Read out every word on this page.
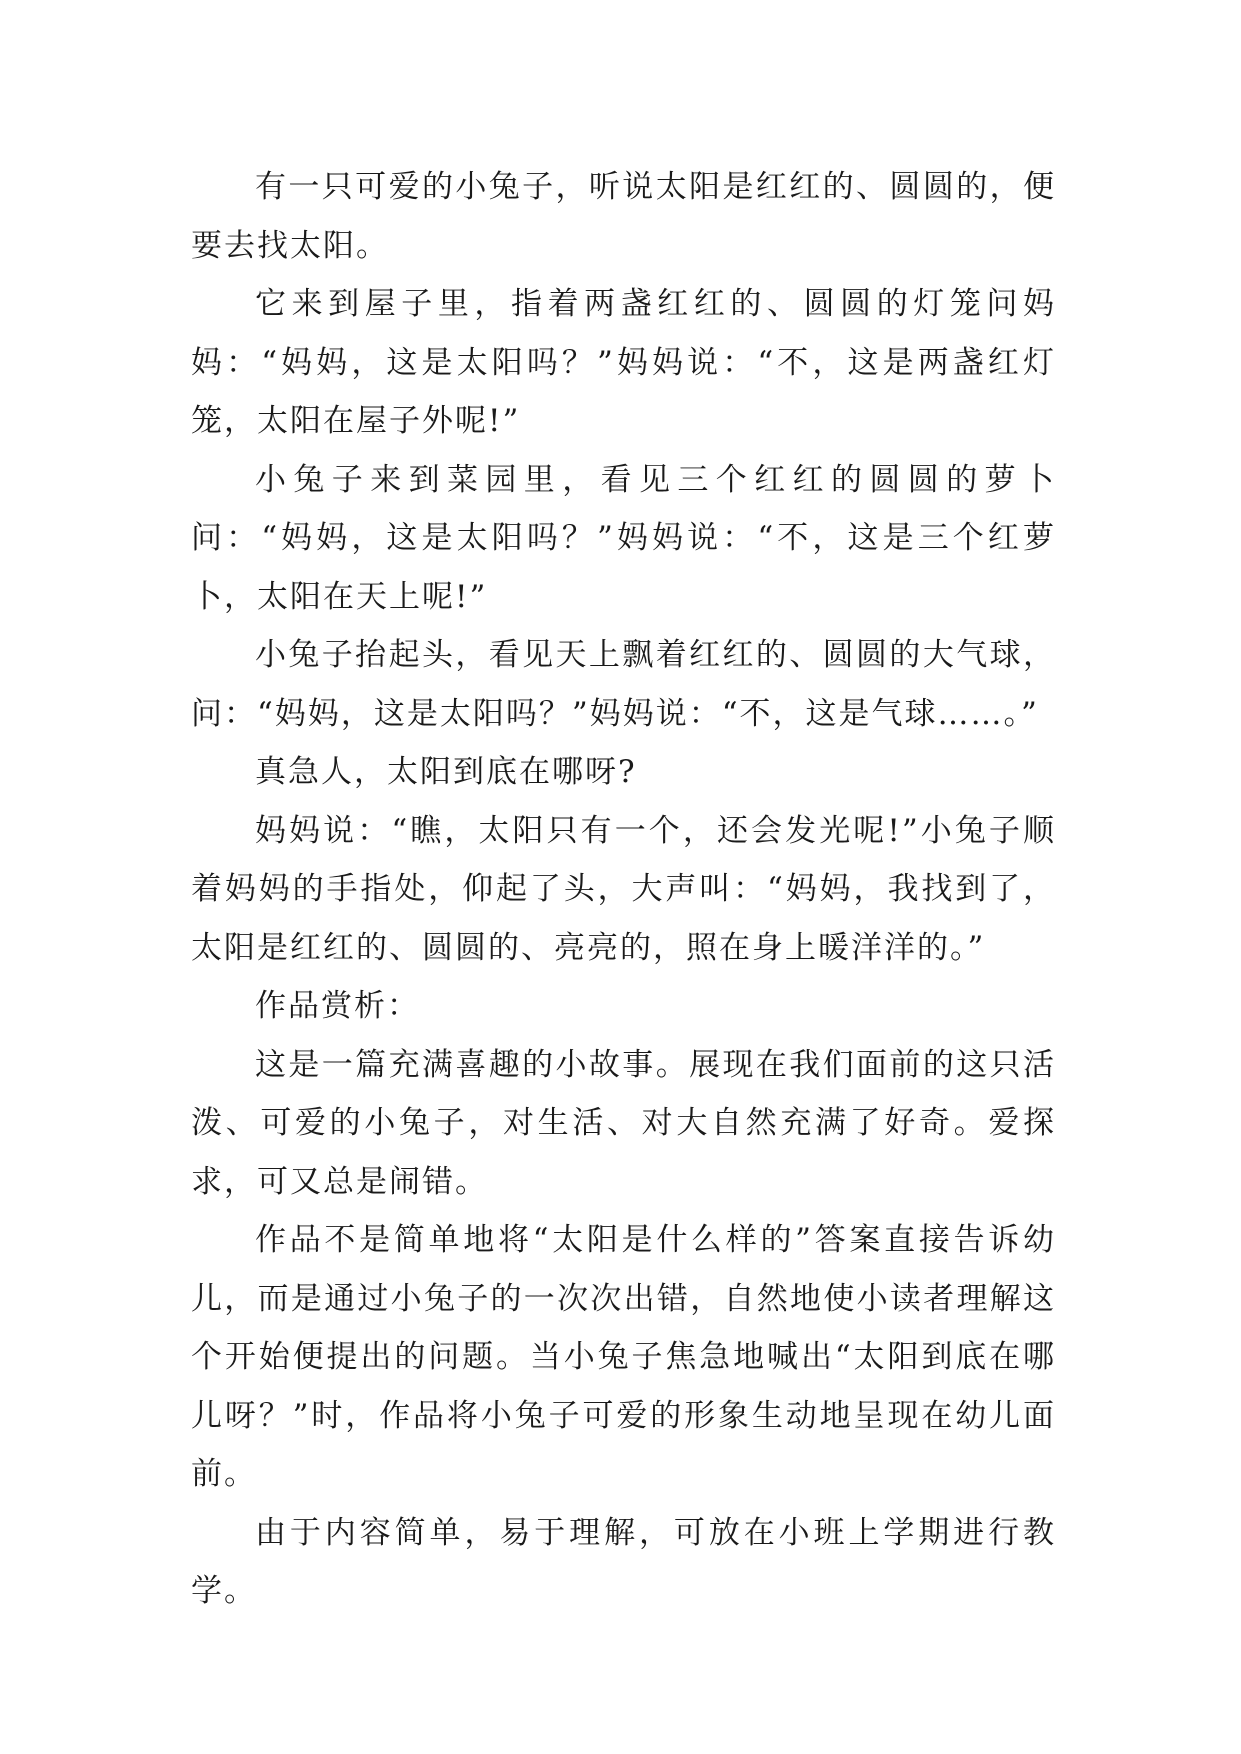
有一只可爱的小兔子，听说太阳是红红的、圆圆的，便要去找太阳。

它来到屋子里，指着两盏红红的、圆圆的灯笼问妈妈：“妈妈，这是太阳吗？”妈妈说：“不，这是两盏红灯笼，太阳在屋子外呢!”

小兔子来到菜园里，看见三个红红的圆圆的萝卜问：“妈妈，这是太阳吗？”妈妈说：“不，这是三个红萝卜，太阳在天上呢!”

小兔子抬起头，看见天上飘着红红的、圆圆的大气球，问：“妈妈，这是太阳吗？”妈妈说：“不，这是气球……。”

真急人，太阳到底在哪呀?

妈妈说：“瞧，太阳只有一个，还会发光呢!”小兔子顺着妈妈的手指处，仰起了头，大声叫：“妈妈，我找到了，太阳是红红的、圆圆的、亮亮的，照在身上暖洋洋的。”

作品赏析：

这是一篇充满喜趣的小故事。展现在我们面前的这只活泼、可爱的小兔子，对生活、对大自然充满了好奇。爱探求，可又总是闹错。

作品不是简单地将“太阳是什么样的”答案直接告诉幼儿，而是通过小兔子的一次次出错，自然地使小读者理解这个开始便提出的问题。当小兔子焦急地喊出“太阳到底在哪儿呀？”时，作品将小兔子可爱的形象生动地呈现在幼儿面前。

由于内容简单，易于理解，可放在小班上学期进行教学。
